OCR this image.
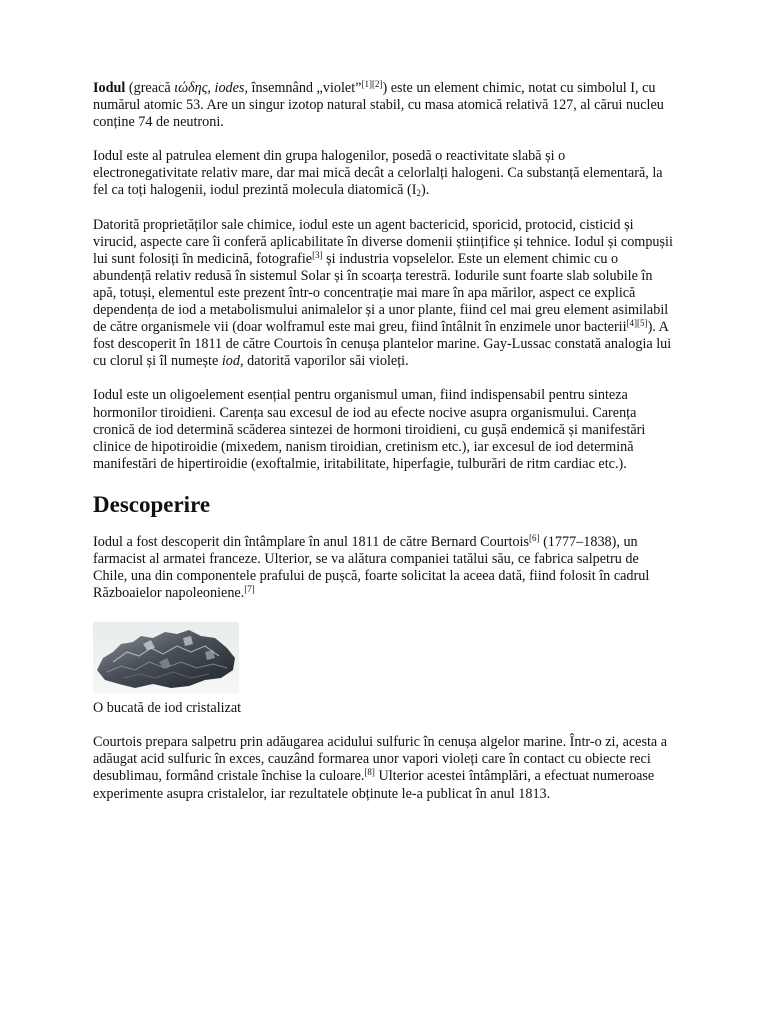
Iodul (greacă ιώδης, iodes, însemnând „violet”[1][2]) este un element chimic, notat cu simbolul I, cu numărul atomic 53. Are un singur izotop natural stabil, cu masa atomică relativă 127, al cărui nucleu conține 74 de neutroni.

Iodul este al patrulea element din grupa halogenilor, posedă o reactivitate slabă și o electronegativitate relativ mare, dar mai mică decât a celorlalți halogeni. Ca substanță elementară, la fel ca toți halogenii, iodul prezintă molecula diatomică $(I_2)$.

Datorită proprietăților sale chimice, iodul este un agent bactericid, sporicid, protocid, cisticid și virucid, aspecte care îi conferă aplicabilitate în diverse domenii științifice și tehnice. Iodul și compușii lui sunt folosiți în medicină, fotografie[3] și industria vopselelor. Este un element chimic cu o abundență relativ redusă în sistemul Solar și în scoarța terestră. Iodurile sunt foarte slab solubile în apă, totuși, elementul este prezent într-o concentrație mai mare în apa mărilor, aspect ce explică dependența de iod a metabolismului animalelor și a unor plante, fiind cel mai greu element asimilabil de către organismele vii (doar wolframul este mai greu, fiind întâlnit în enzimele unor bacterii[4][5]). A fost descoperit în 1811 de către Courtois în cenușa plantelor marine. Gay-Lussac constată analogia lui cu clorul și îl numește iod, datorită vaporilor săi violeți.

Iodul este un oligoelement esențial pentru organismul uman, fiind indispensabil pentru sinteza hormonilor tiroidieni. Carența sau excesul de iod au efecte nocive asupra organismului. Carența cronică de iod determină scăderea sintezei de hormoni tiroidieni, cu gușă endemică și manifestări clinice de hipotiroidie (mixedem, nanism tiroidian, cretinism etc.), iar excesul de iod determină manifestări de hipertiroidie (exoftalmie, iritabilitate, hiperfagie, tulburări de ritm cardiac etc.).

Descoperire

Iodul a fost descoperit din întâmplare în anul 1811 de către Bernard Courtois[6] (1777–1838), un farmacist al armatei franceze. Ulterior, se va alătura companiei tatălui său, ce fabrica salpetru de Chile, una din componentele prafului de pușcă, foarte solicitat la aceea dată, fiind folosit în cadrul Războaielor napoleoniene.[7]

O bucată de iod cristalizat

Courtois prepara salpetru prin adăugarea acidului sulfuric în cenușa algelor marine. Într-o zi, acesta a adăugat acid sulfuric în exces, cauzând formarea unor vapori violeți care în contact cu obiecte reci desublimau, formând cristale închise la culoare.[8] Ulterior acestei întâmplări, a efectuat numeroase experimente asupra cristalelor, iar rezultatele obținute le-a publicat în anul 1813.
